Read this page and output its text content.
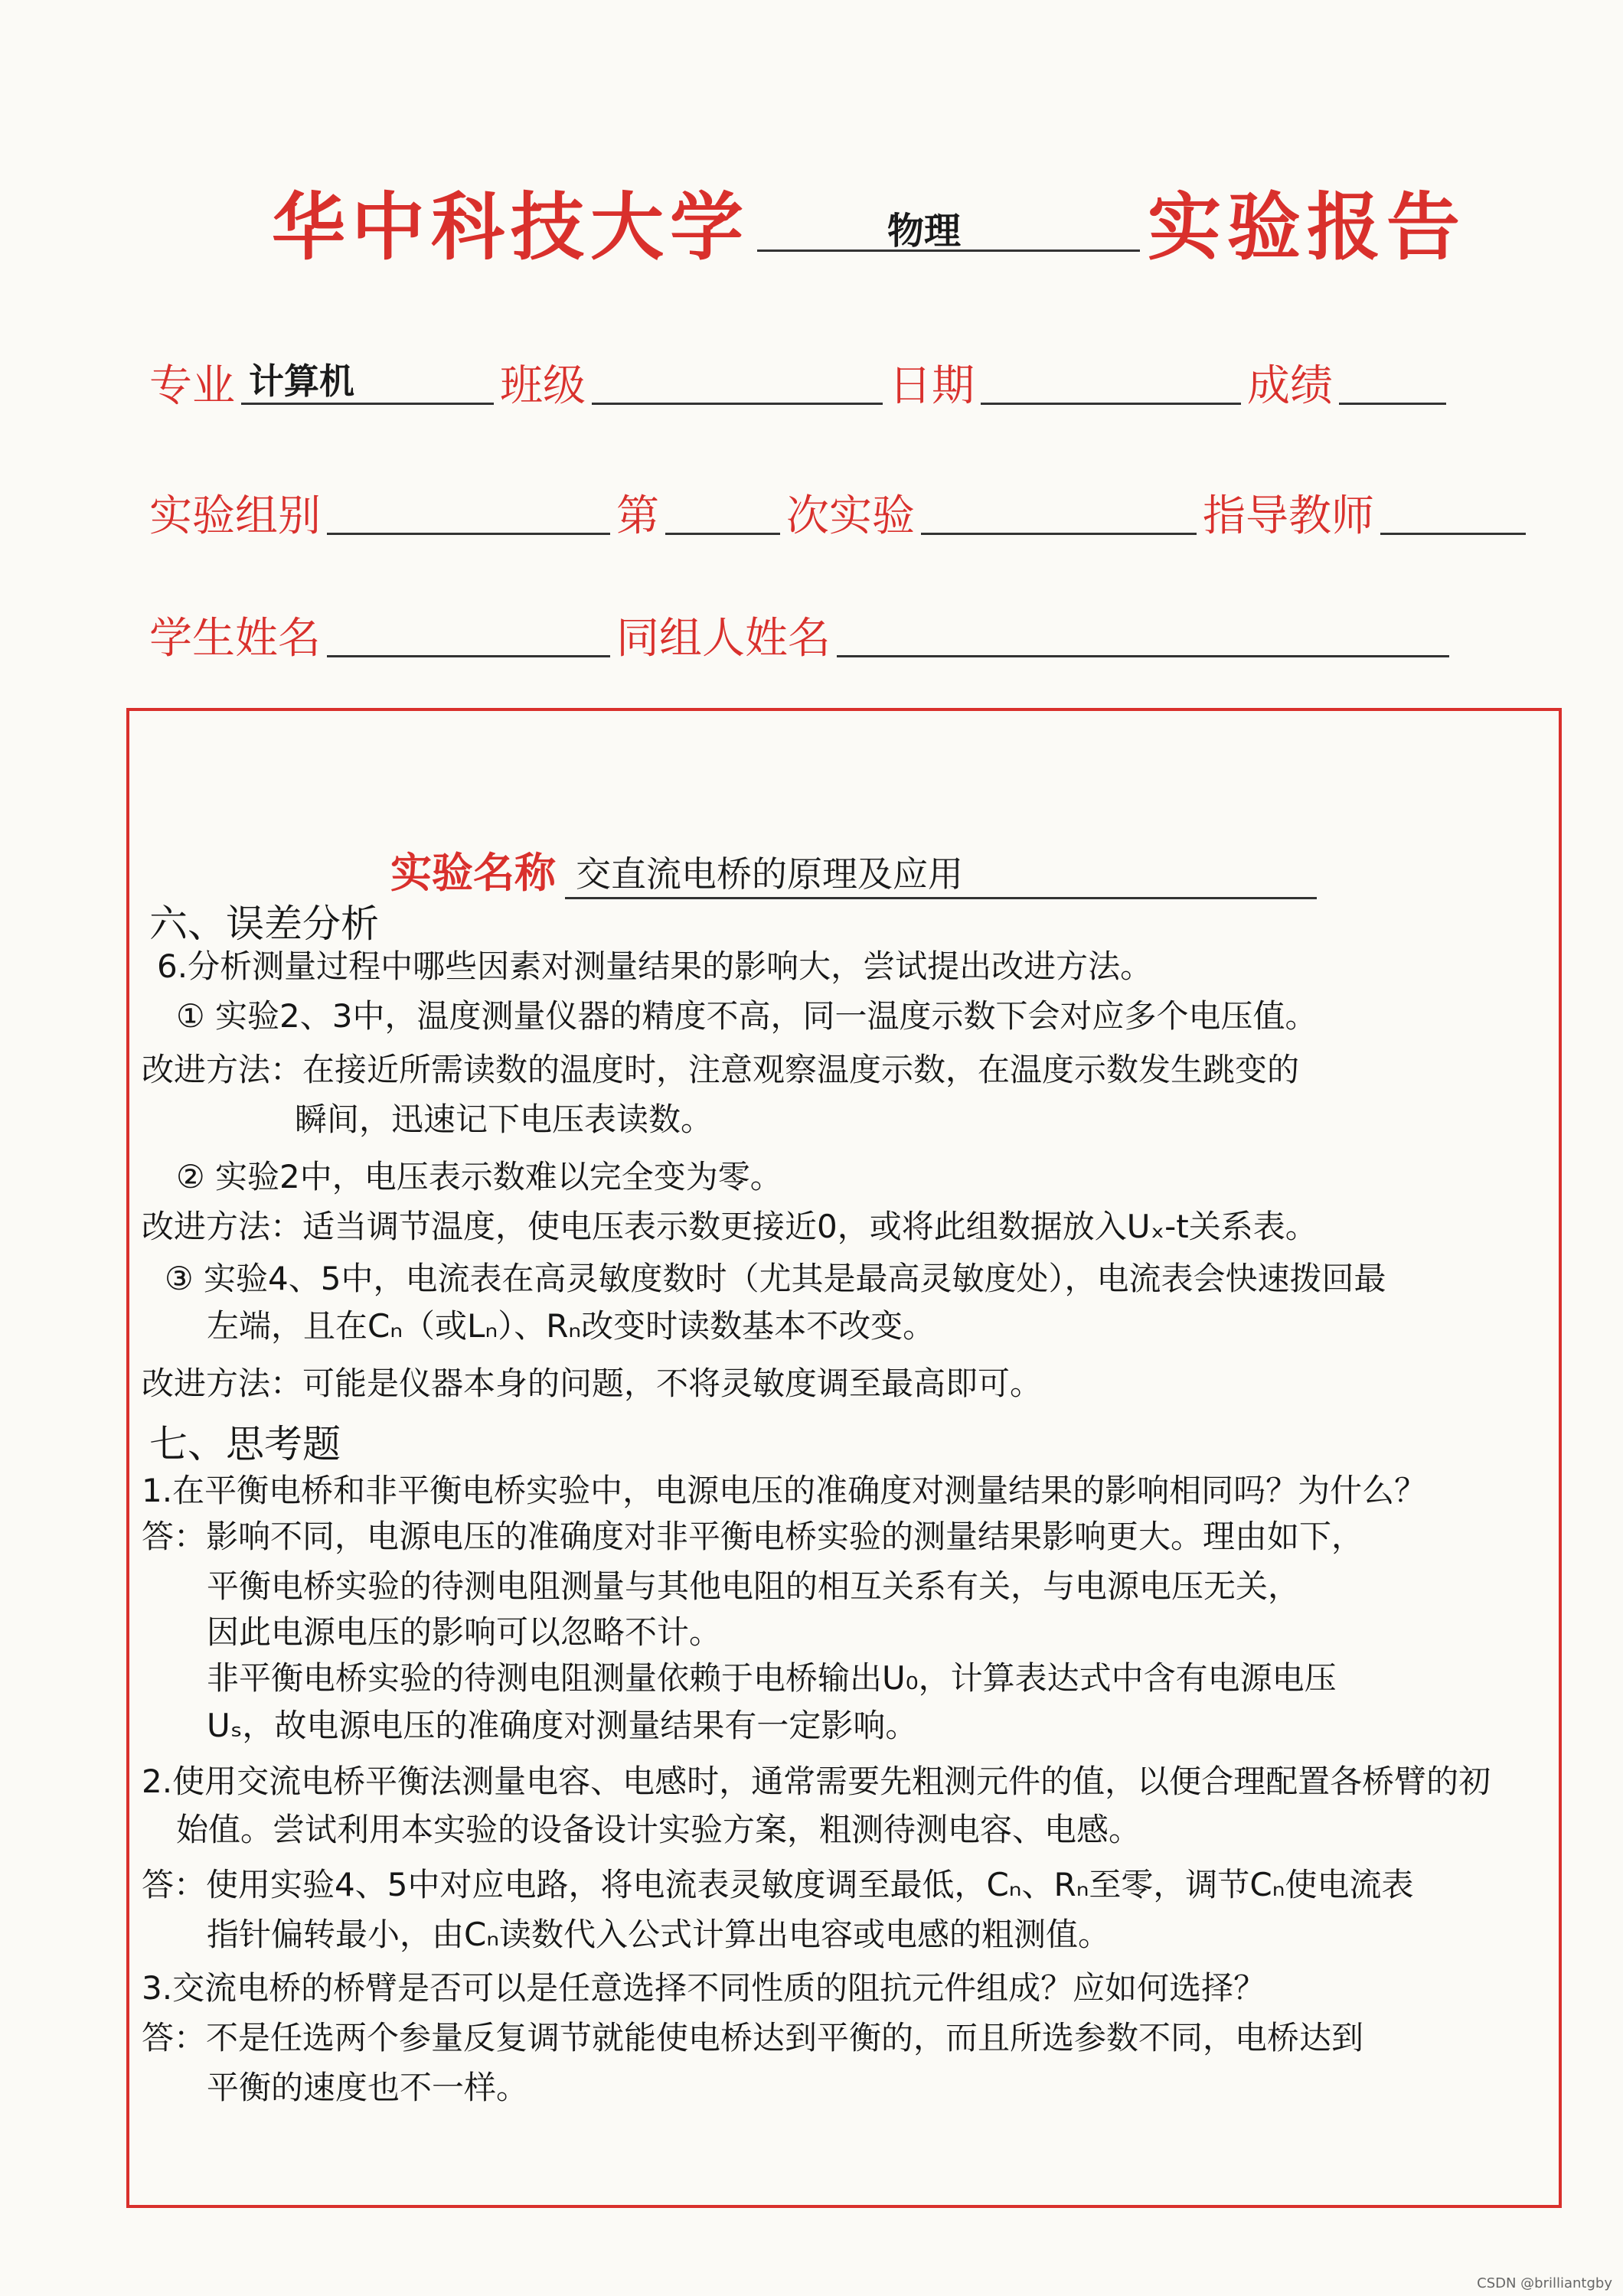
华中科技大学	物理	实验报告
专业 计算机	班级	日期	成绩
实验组别	第	次实验	指导教师
学生姓名	同组人姓名
实验名称 交直流电桥的原理及应用
六、误差分析
6.分析测量过程中哪些因素对测量结果的影响大，尝试提出改进方法。
① 实验2、3中，温度测量仪器的精度不高，同一温度示数下会对应多个电压值。
改进方法：在接近所需读数的温度时，注意观察温度示数，在温度示数发生跳变的
瞬间，迅速记下电压表读数。
② 实验2中，电压表示数难以完全变为零。
改进方法：适当调节温度，使电压表示数更接近0，或将此组数据放入Uₓ-t关系表。
③ 实验4、5中，电流表在高灵敏度数时（尤其是最高灵敏度处），电流表会快速拨回最
左端，且在Cₙ（或Lₙ）、Rₙ改变时读数基本不改变。
改进方法：可能是仪器本身的问题，不将灵敏度调至最高即可。
七、思考题
1.在平衡电桥和非平衡电桥实验中，电源电压的准确度对测量结果的影响相同吗？为什么？
答：影响不同，电源电压的准确度对非平衡电桥实验的测量结果影响更大。理由如下，
平衡电桥实验的待测电阻测量与其他电阻的相互关系有关，与电源电压无关，
因此电源电压的影响可以忽略不计。
非平衡电桥实验的待测电阻测量依赖于电桥输出U₀，计算表达式中含有电源电压
Uₛ，故电源电压的准确度对测量结果有一定影响。
2.使用交流电桥平衡法测量电容、电感时，通常需要先粗测元件的值，以便合理配置各桥臂的初
始值。尝试利用本实验的设备设计实验方案，粗测待测电容、电感。
答：使用实验4、5中对应电路，将电流表灵敏度调至最低，Cₙ、Rₙ至零，调节Cₙ使电流表
指针偏转最小，由Cₙ读数代入公式计算出电容或电感的粗测值。
3.交流电桥的桥臂是否可以是任意选择不同性质的阻抗元件组成？应如何选择？
答：不是任选两个参量反复调节就能使电桥达到平衡的，而且所选参数不同，电桥达到
平衡的速度也不一样。
CSDN @brilliantgby
